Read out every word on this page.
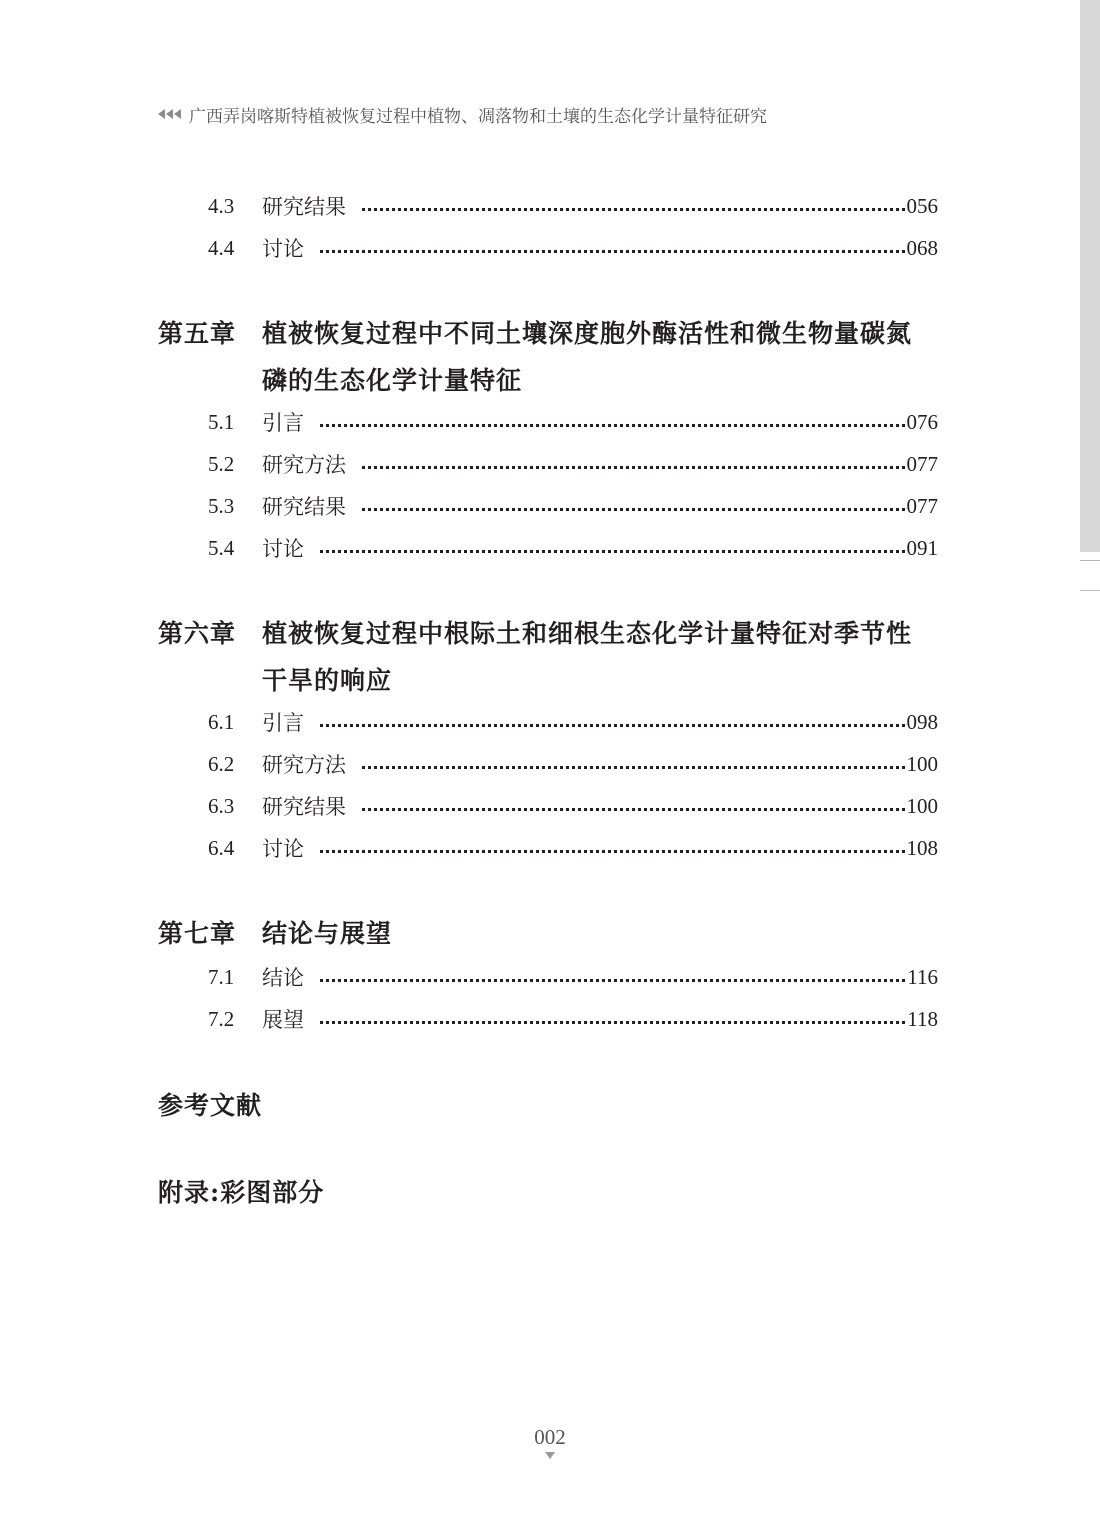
广西弄岗喀斯特植被恢复过程中植物、凋落物和土壤的生态化学计量特征研究
4.3	研究结果	056
4.4	讨论	068
第五章 植被恢复过程中不同土壤深度胞外酶活性和微生物量碳氮
磷的生态化学计量特征
5.1	引言	076
5.2	研究方法	077
5.3	研究结果	077
5.4	讨论	091
第六章 植被恢复过程中根际土和细根生态化学计量特征对季节性
干旱的响应
6.1	引言	098
6.2	研究方法	100
6.3	研究结果	100
6.4	讨论	108
第七章 结论与展望
7.1	结论	116
7.2	展望	118
参考文献
附录:彩图部分
002
